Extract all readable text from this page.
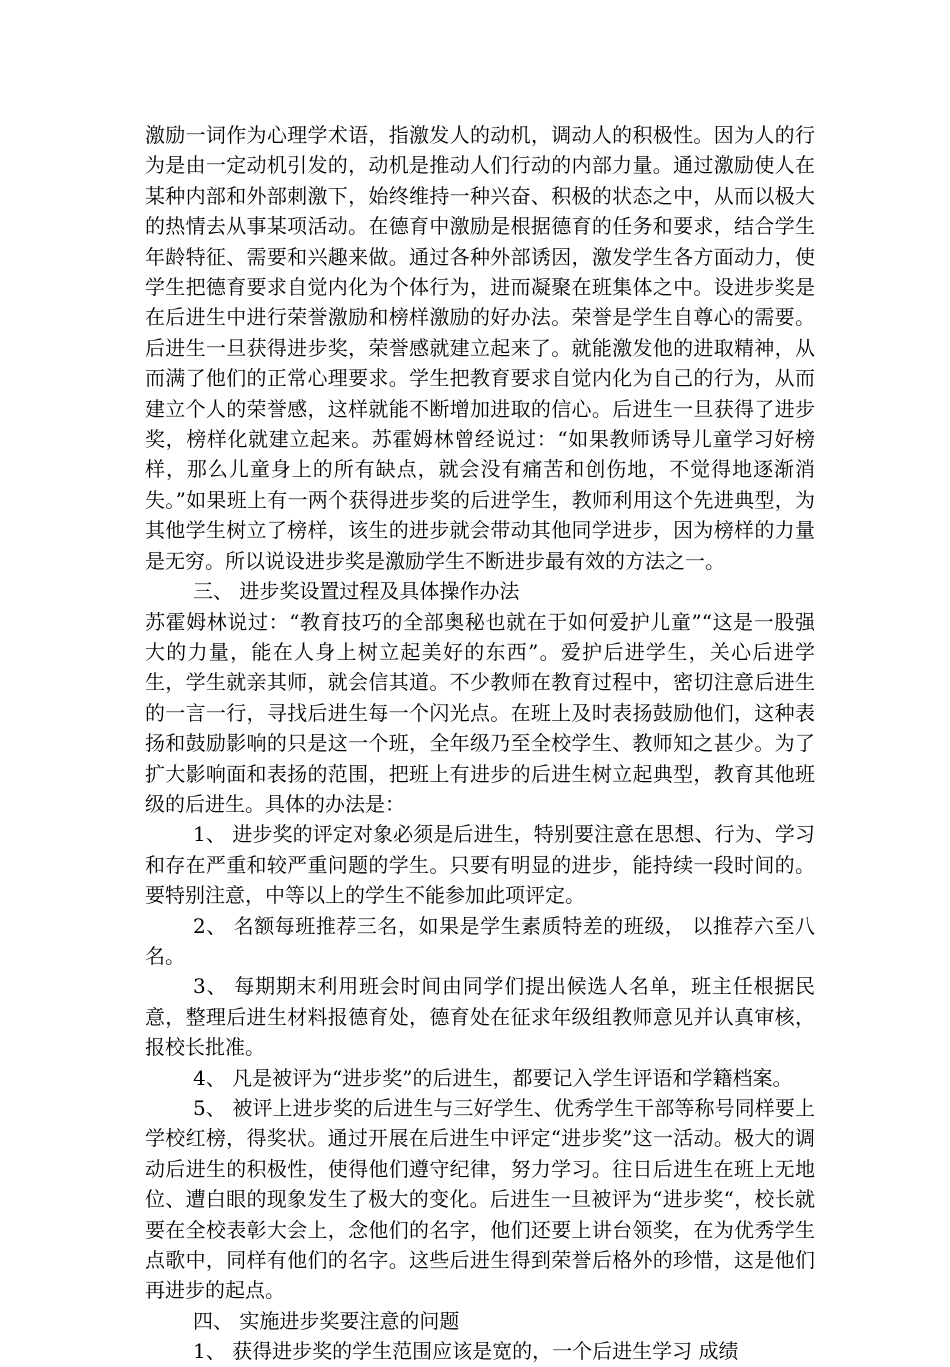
激励一词作为心理学术语，指激发人的动机，调动人的积极性。因为人的行为是由一定动机引发的，动机是推动人们行动的内部力量。通过激励使人在某种内部和外部刺激下，始终维持一种兴奋、积极的状态之中，从而以极大的热情去从事某项活动。在德育中激励是根据德育的任务和要求，结合学生年龄特征、需要和兴趣来做。通过各种外部诱因，激发学生各方面动力，使学生把德育要求自觉内化为个体行为，进而凝聚在班集体之中。设进步奖是在后进生中进行荣誉激励和榜样激励的好办法。荣誉是学生自尊心的需要。后进生一旦获得进步奖，荣誉感就建立起来了。就能激发他的进取精神，从而满了他们的正常心理要求。学生把教育要求自觉内化为自己的行为，从而建立个人的荣誉感，这样就能不断增加进取的信心。后进生一旦获得了进步奖，榜样化就建立起来。苏霍姆林曾经说过：“如果教师诱导儿童学习好榜样，那么儿童身上的所有缺点，就会没有痛苦和创伤地，不觉得地逐渐消失。”如果班上有一两个获得进步奖的后进学生，教师利用这个先进典型，为其他学生树立了榜样，该生的进步就会带动其他同学进步，因为榜样的力量是无穷。所以说设进步奖是激励学生不断进步最有效的方法之一。

三、 进步奖设置过程及具体操作办法

苏霍姆林说过：“教育技巧的全部奥秘也就在于如何爱护儿童”“这是一股强大的力量，能在人身上树立起美好的东西”。爱护后进学生，关心后进学生，学生就亲其师，就会信其道。不少教师在教育过程中，密切注意后进生的一言一行，寻找后进生每一个闪光点。在班上及时表扬鼓励他们，这种表扬和鼓励影响的只是这一个班，全年级乃至全校学生、教师知之甚少。为了扩大影响面和表扬的范围，把班上有进步的后进生树立起典型，教育其他班级的后进生。具体的办法是：

1、 进步奖的评定对象必须是后进生，特别要注意在思想、行为、学习和存在严重和较严重问题的学生。只要有明显的进步，能持续一段时间的。要特别注意，中等以上的学生不能参加此项评定。

2、 名额每班推荐三名，如果是学生素质特差的班级， 以推荐六至八名。

3、 每期期末利用班会时间由同学们提出候选人名单，班主任根据民意，整理后进生材料报德育处，德育处在征求年级组教师意见并认真审核，报校长批准。

4、 凡是被评为“进步奖”的后进生，都要记入学生评语和学籍档案。

5、 被评上进步奖的后进生与三好学生、优秀学生干部等称号同样要上学校红榜，得奖状。通过开展在后进生中评定“进步奖”这一活动。极大的调动后进生的积极性，使得他们遵守纪律，努力学习。往日后进生在班上无地位、遭白眼的现象发生了极大的变化。后进生一旦被评为“进步奖“，校长就要在全校表彰大会上，念他们的名字，他们还要上讲台领奖，在为优秀学生点歌中，同样有他们的名字。这些后进生得到荣誉后格外的珍惜，这是他们再进步的起点。

四、 实施进步奖要注意的问题

1、 获得进步奖的学生范围应该是宽的，一个后进生学习 成绩
